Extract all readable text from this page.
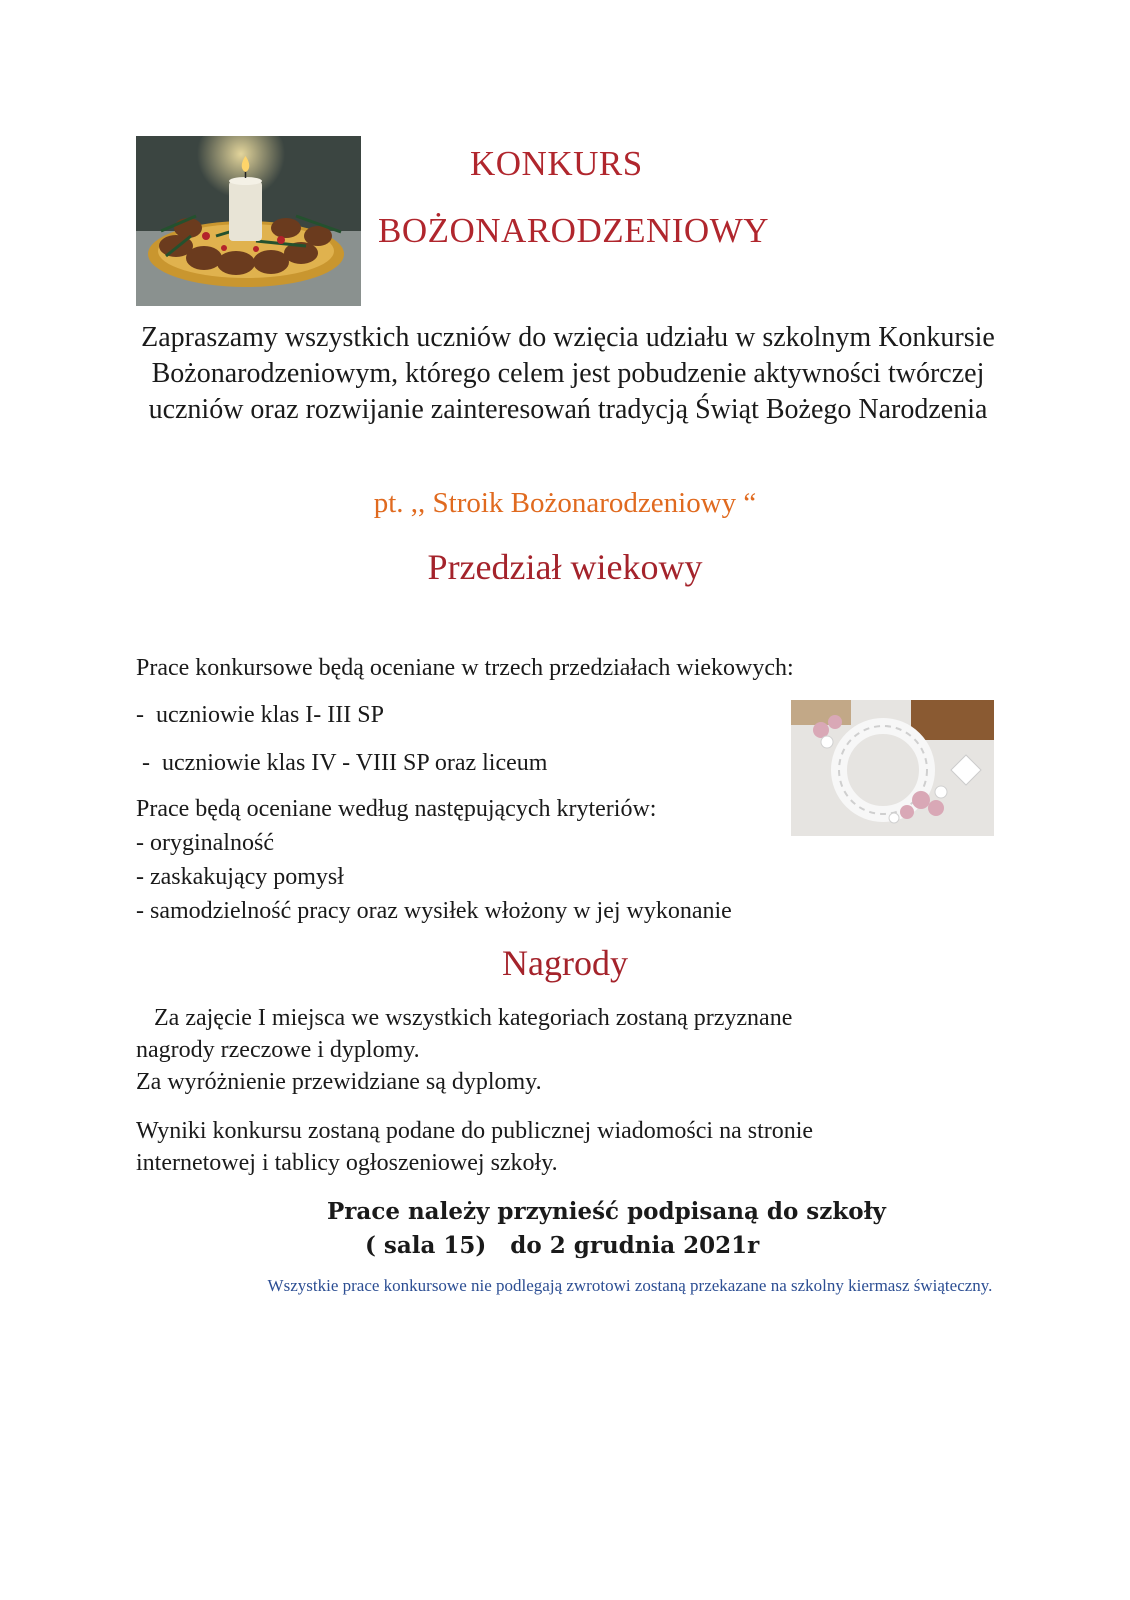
KONKURS
BOŻONARODZENIOWY
Zapraszamy wszystkich uczniów do wzięcia udziału w szkolnym Konkursie Bożonarodzeniowym, którego celem jest pobudzenie aktywności twórczej uczniów oraz rozwijanie zainteresowań tradycją Świąt Bożego Narodzenia
pt. ,, Stroik Bożonarodzeniowy “
Przedział wiekowy
Prace konkursowe będą oceniane w trzech przedziałach wiekowych:
-  uczniowie klas I- III SP
-  uczniowie klas IV - VIII SP oraz liceum
Prace będą oceniane według następujących kryteriów:
- oryginalność
- zaskakujący pomysł
- samodzielność pracy oraz wysiłek włożony w jej wykonanie
Nagrody
Za zajęcie I miejsca we wszystkich kategoriach zostaną przyznane
nagrody rzeczowe i dyplomy.
Za wyróżnienie przewidziane są dyplomy.
Wyniki konkursu zostaną podane do publicznej wiadomości na stronie
internetowej i tablicy ogłoszeniowej szkoły.
Prace należy przynieść podpisaną do szkoły
( sala 15)   do 2 grudnia 2021r
Wszystkie prace konkursowe nie podlegają zwrotowi zostaną przekazane na szkolny kiermasz świąteczny.
